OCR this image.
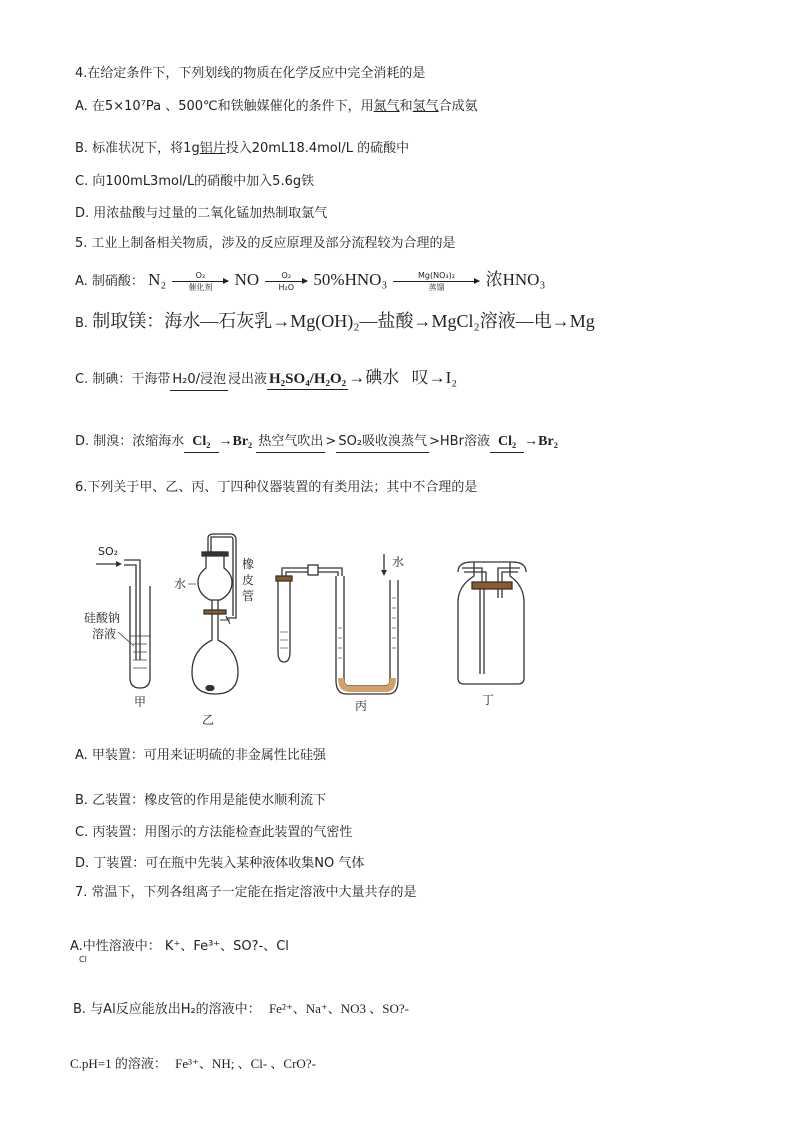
4.在给定条件下，下列划线的物质在化学反应中完全消耗的是
A. 在5×10⁷Pa 、500℃和铁触媒催化的条件下，用氮气和氢气合成氨
B. 标准状况下，将1g铝片投入20mL18.4mol/L 的硫酸中
C. 向100mL3mol/L的硝酸中加入5.6g铁
D. 用浓盐酸与过量的二氧化锰加热制取氯气
5. 工业上制备相关物质，涉及的反应原理及部分流程较为合理的是
A. 制硝酸： N₂	O₂
催化剂 NO $\frac{\text{O₂}}{\text{H₂O}} 50\%HNO_3$	Mg(NO₃)₂
蒸馏 浓HNO₃
B. 制取镁：海水—石灰乳→Mg(OH)₂—盐酸→MgCl₂溶液—电→Mg
C. 制碘：干海带 H₂0/浸泡 浸出液 H₂SO₄/H₂O₂ →碘水 叹→I₂
D. 制溴：浓缩海水 Cl₂ →Br₂ 热空气吹出 > SO₂吸收溴蒸气 >HBr溶液 Cl₂ →Br₂
6.下列关于甲、乙、丙、丁四种仪器装置的有类用法；其中不合理的是
SO₂
硅酸钠
溶液
甲
水
橡
皮
管
乙
水
丙	丁
A. 甲装置：可用来证明硫的非金属性比硅强
B. 乙装置：橡皮管的作用是能使水顺利流下
C. 丙装置：用图示的方法能检查此装置的气密性
D. 丁装置：可在瓶中先装入某种液体收集NO 气体
7. 常温下，下列各组离子一定能在指定溶液中大量共存的是
A.中性溶液中： K⁺、Fe³⁺、SO?-、Cl
Cl
B. 与Al反应能放出H₂的溶液中： Fe²⁺、Na⁺、NO3 、SO?-
C.pH=1 的溶液： Fe³⁺、NH; 、Cl- 、CrO?-
